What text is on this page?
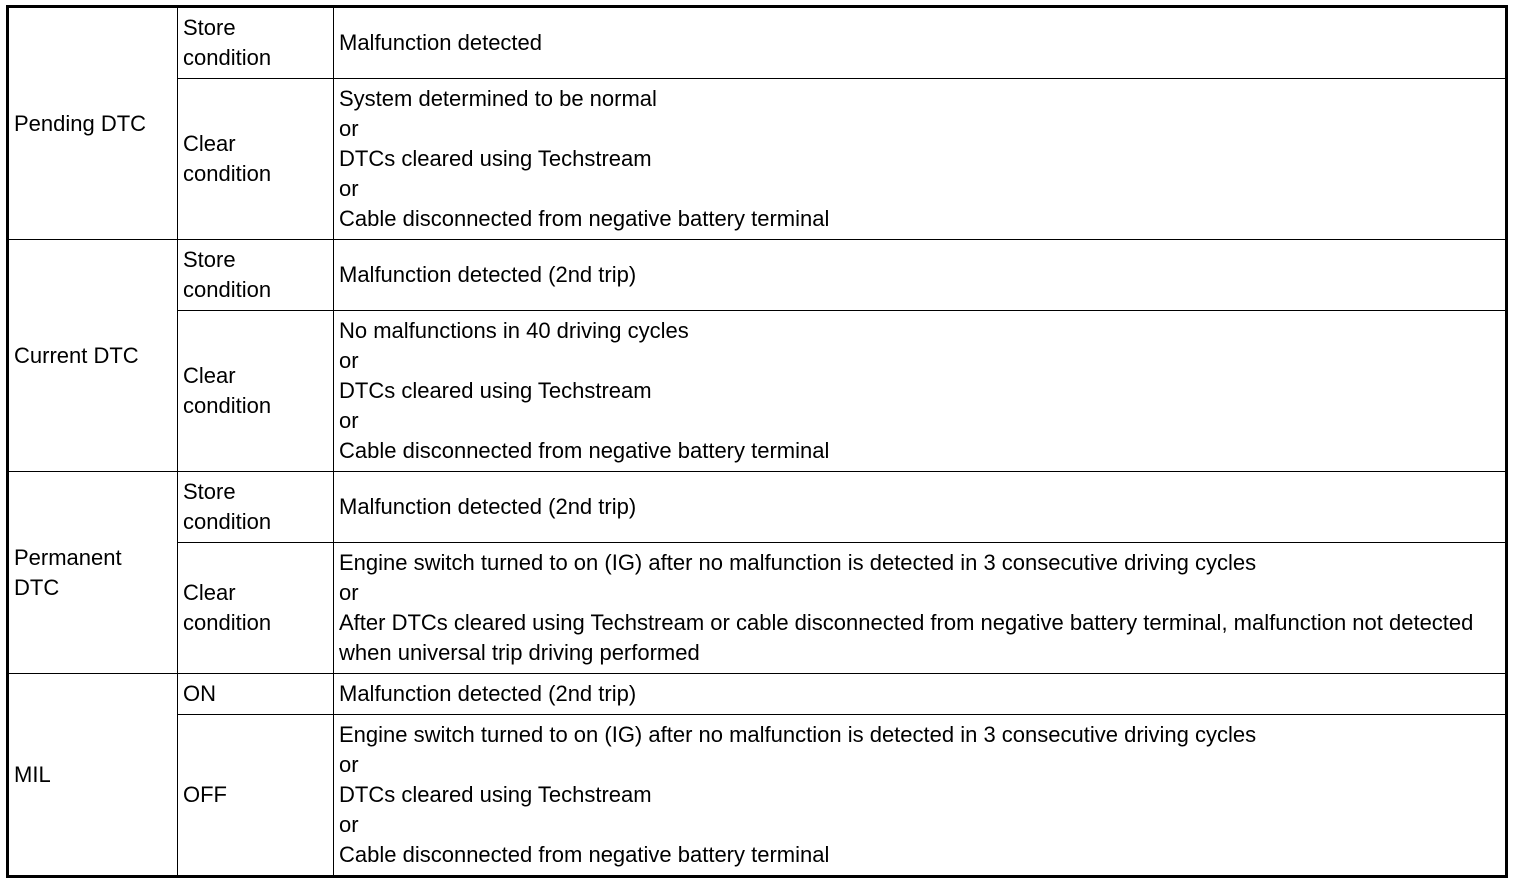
Pending DTC	Store condition	Malfunction detected

	Clear condition	System determined to be normal
or
DTCs cleared using Techstream
or
Cable disconnected from negative battery terminal

Current DTC	Store condition	Malfunction detected (2nd trip)

	Clear condition	No malfunctions in 40 driving cycles
or
DTCs cleared using Techstream
or
Cable disconnected from negative battery terminal

Permanent DTC	Store condition	Malfunction detected (2nd trip)

	Clear condition	Engine switch turned to on (IG) after no malfunction is detected in 3 consecutive driving cycles
or
After DTCs cleared using Techstream or cable disconnected from negative battery terminal, malfunction not detected when universal trip driving performed

MIL	ON	Malfunction detected (2nd trip)

	OFF	Engine switch turned to on (IG) after no malfunction is detected in 3 consecutive driving cycles
or
DTCs cleared using Techstream
or
Cable disconnected from negative battery terminal
